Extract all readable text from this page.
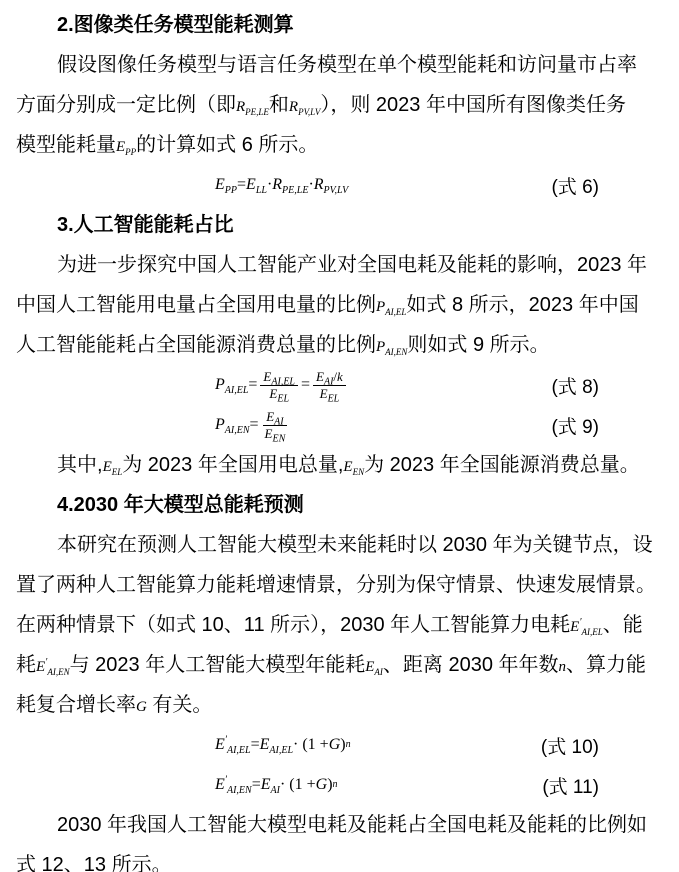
2.图像类任务模型能耗测算
假设图像任务模型与语言任务模型在单个模型能耗和访问量市占率
方面分别成一定比例（即$R_{PE,LE}$和$R_{PV,LV}$），则 2023 年中国所有图像类任务
模型能耗量$E_{PP}$的计算如式 6 所示。
$E_{PP} = E_{LL} \cdot R_{PE,LE} \cdot R_{PV,LV}$	(式 6)
3.人工智能能耗占比
为进一步探究中国人工智能产业对全国电耗及能耗的影响，2023 年
中国人工智能用电量占全国用电量的比例$P_{AI,EL}$如式 8 所示，2023 年中国
人工智能能耗占全国能源消费总量的比例$P_{AI,EN}$则如式 9 所示。
$P_{AI,EL} = \frac{E_{AI,EL}}{E_{EL}} = \frac{E_{AI}/k}{E_{EL}}$	(式 8)
$P_{AI,EN} = \frac{E_{AI}}{E_{EN}}$	(式 9)
其中$,E_{EL}$为 2023 年全国用电总量$,E_{EN}$为 2023 年全国能源消费总量。
4.2030 年大模型总能耗预测
本研究在预测人工智能大模型未来能耗时以 2030 年为关键节点，设
置了两种人工智能算力能耗增速情景，分别为保守情景、快速发展情景。
在两种情景下（如式 10、11 所示），2030 年人工智能算力电耗$E'_{AI,EL}$、能
耗$E'_{AI,EN}$与 2023 年人工智能大模型年能耗$E_{AI}$、距离 2030 年年数n、算力能
耗复合增长率G 有关。
$E'_{AI,EL} = E_{AI,EL} \cdot (1 + G$ ) n	(式 10)
$E'_{AI,EN} = E_{AI} \cdot (1 + G$ ) n	(式 11)
2030 年我国人工智能大模型电耗及能耗占全国电耗及能耗的比例如
式 12、13 所示。
